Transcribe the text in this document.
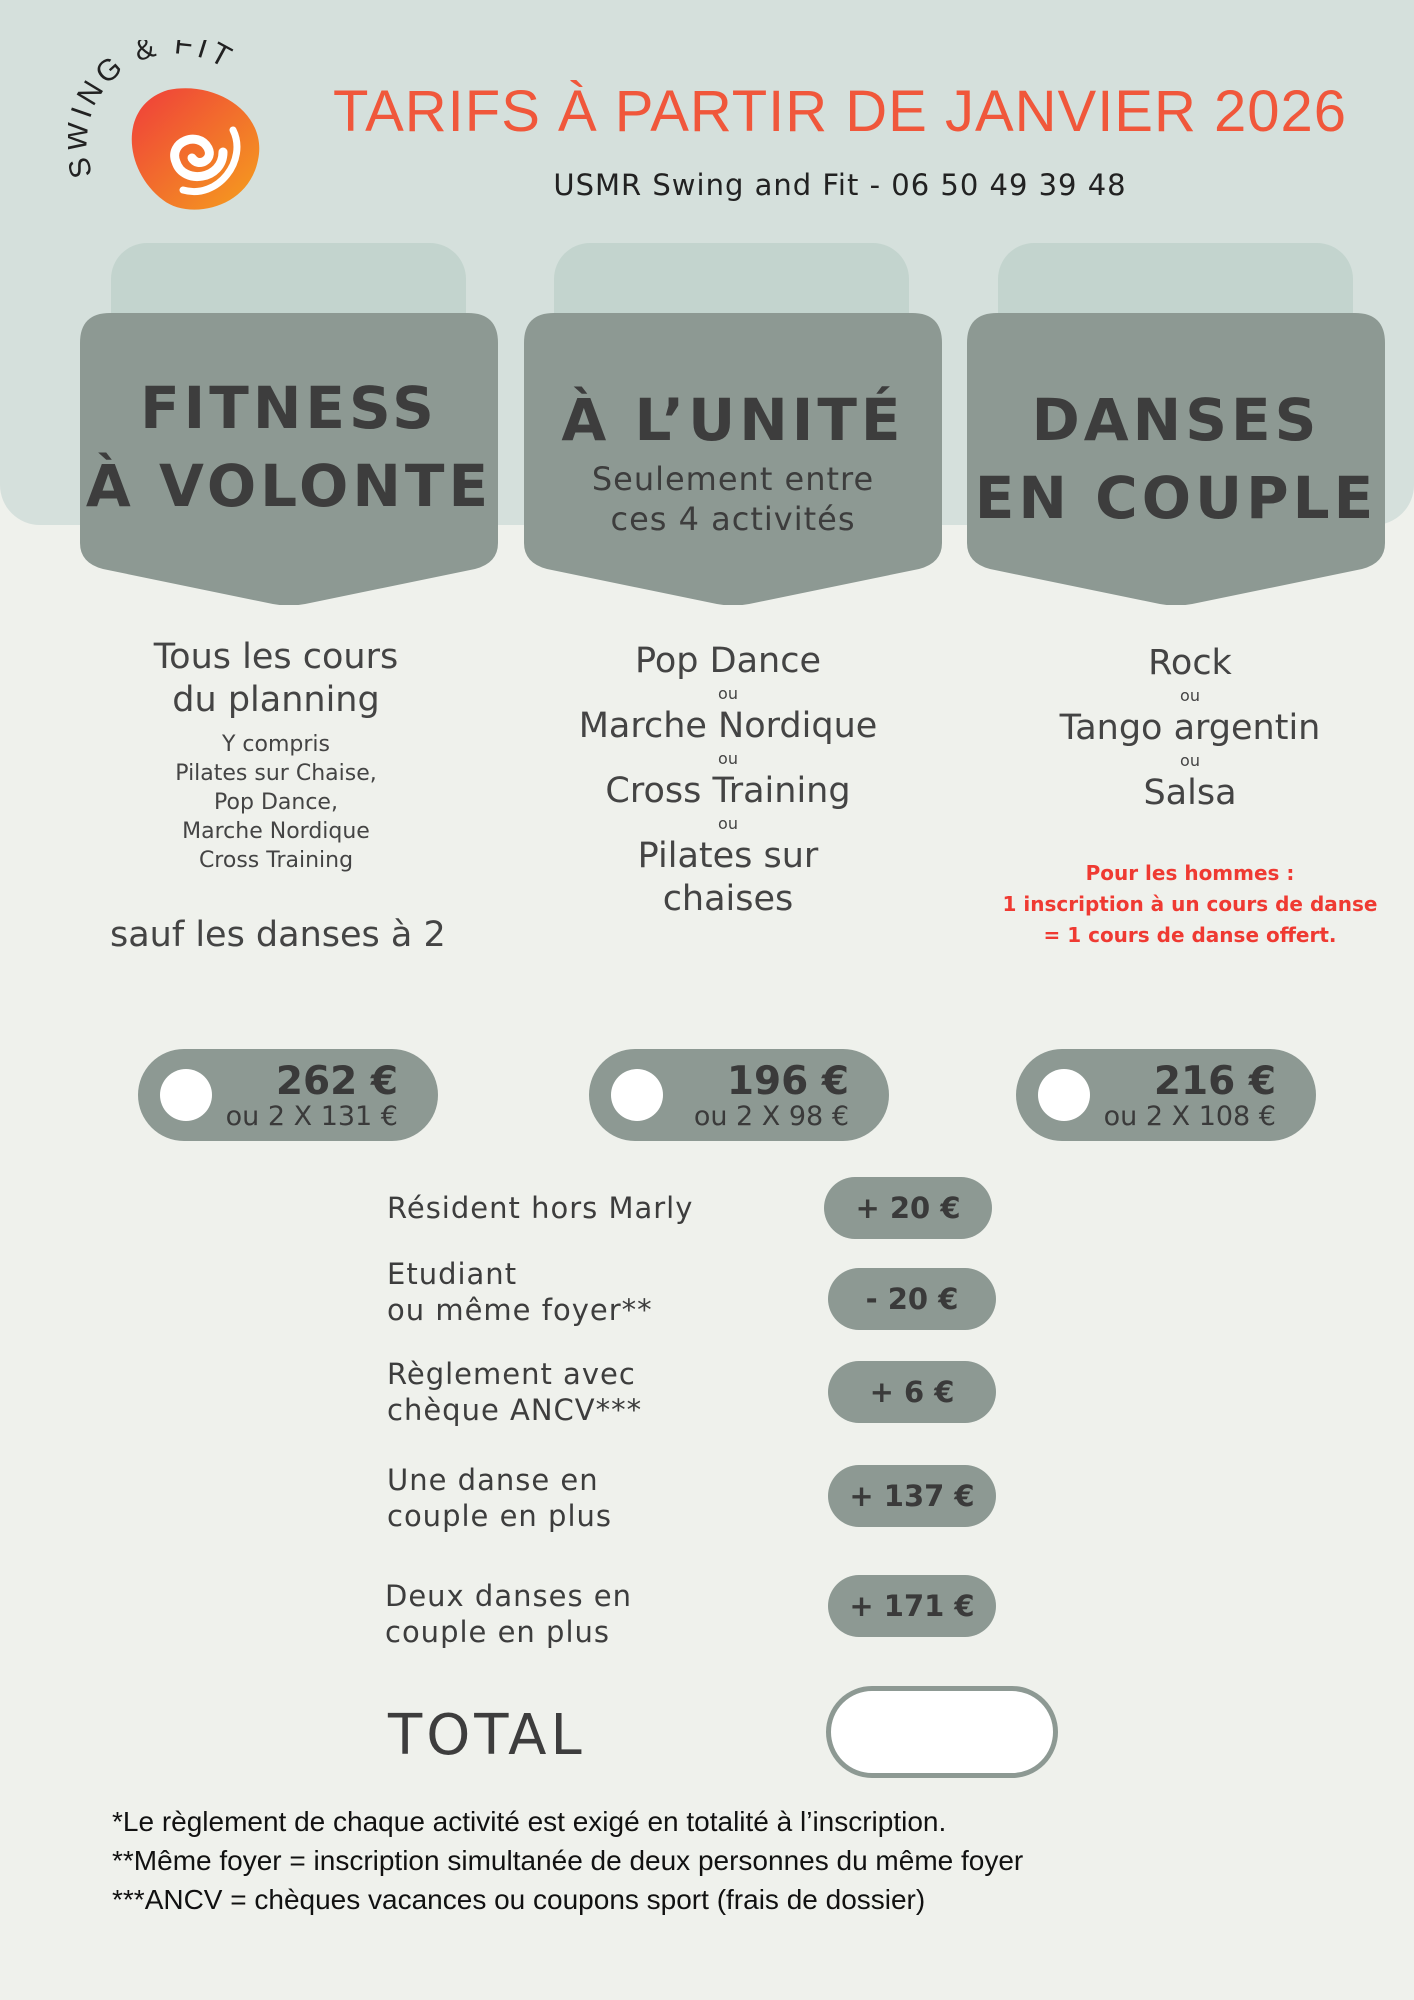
ING & FIT
TARIFS À PARTIR DE JANVIER 2026
USMR Swing and Fit - 06 50 49 39 48
FITNESS
À VOLONTE
À L’UNITÉ
Seulement entre
ces 4 activités
DANSES
EN COUPLE
Tous les cours
du planning
Y compris
Pilates sur Chaise,
Pop Dance,
Marche Nordique
Cross Training
sauf les danses à 2
Pop Dance
ou
Marche Nordique
ou
Cross Training
ou
Pilates sur
chaises
Rock
ou
Tango argentin
ou
Salsa
Pour les hommes :
1 inscription à un cours de danse
= 1 cours de danse offert.
262 €
ou 2 X 131 €
196 €
ou 2 X 98 €
216 €
ou 2 X 108 €
Résident hors Marly	+ 20 €
Etudiant
ou même foyer**	- 20 €
Règlement avec
chèque ANCV***
+ 6 €
Une danse en
couple en plus
+ 137 €
Deux danses en
couple en plus
+ 171 €
TOTAL
*Le règlement de chaque activité est exigé en totalité à l’inscription.
**Même foyer = inscription simultanée de deux personnes du même foyer
***ANCV = chèques vacances ou coupons sport (frais de dossier)
